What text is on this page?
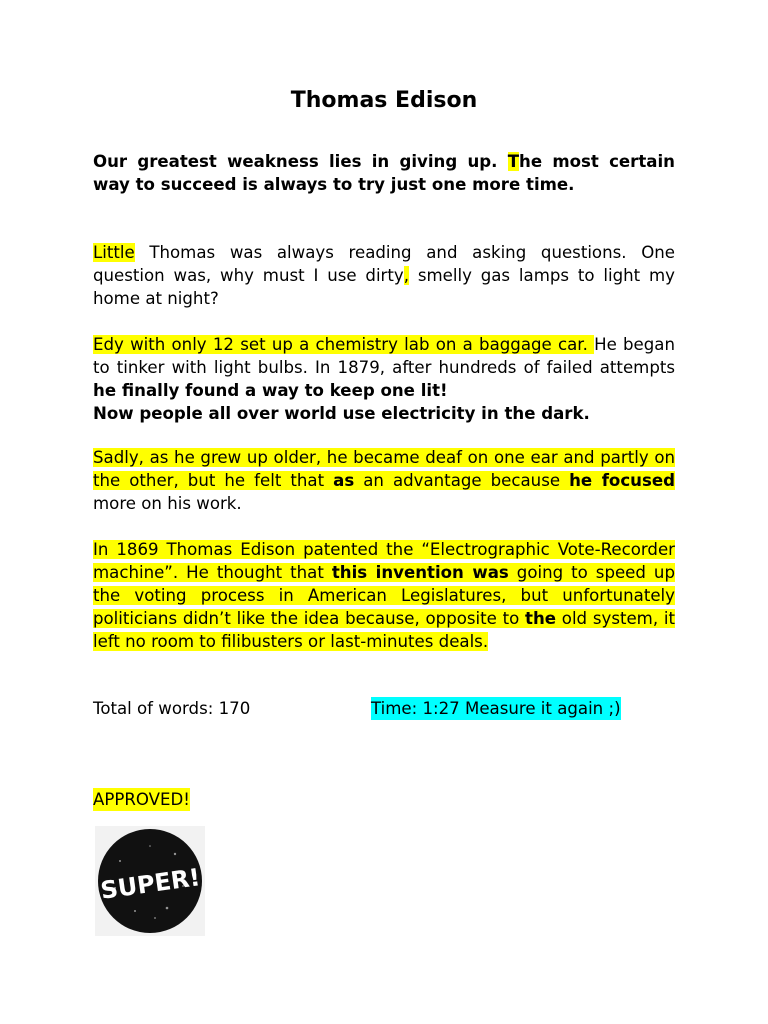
Thomas Edison

Our greatest weakness lies in giving up. The most certain way to succeed is always to try just one more time.

Little Thomas was always reading and asking questions. One question was, why must I use dirty, smelly gas lamps to light my home at night?

Edy with only 12 set up a chemistry lab on a baggage car. He began to tinker with light bulbs. In 1879, after hundreds of failed attempts he finally found a way to keep one lit!
Now people all over world use electricity in the dark.

Sadly, as he grew up older, he became deaf on one ear and partly on the other, but he felt that as an advantage because he focused more on his work.

In 1869 Thomas Edison patented the “Electrographic Vote-Recorder machine”. He thought that this invention was going to speed up the voting process in American Legislatures, but unfortunately politicians didn’t like the idea because, opposite to the old system, it left no room to filibusters or last-minutes deals.

Total of words: 170	Time: 1:27 Measure it again ;)
APPROVED!
SUPER!
